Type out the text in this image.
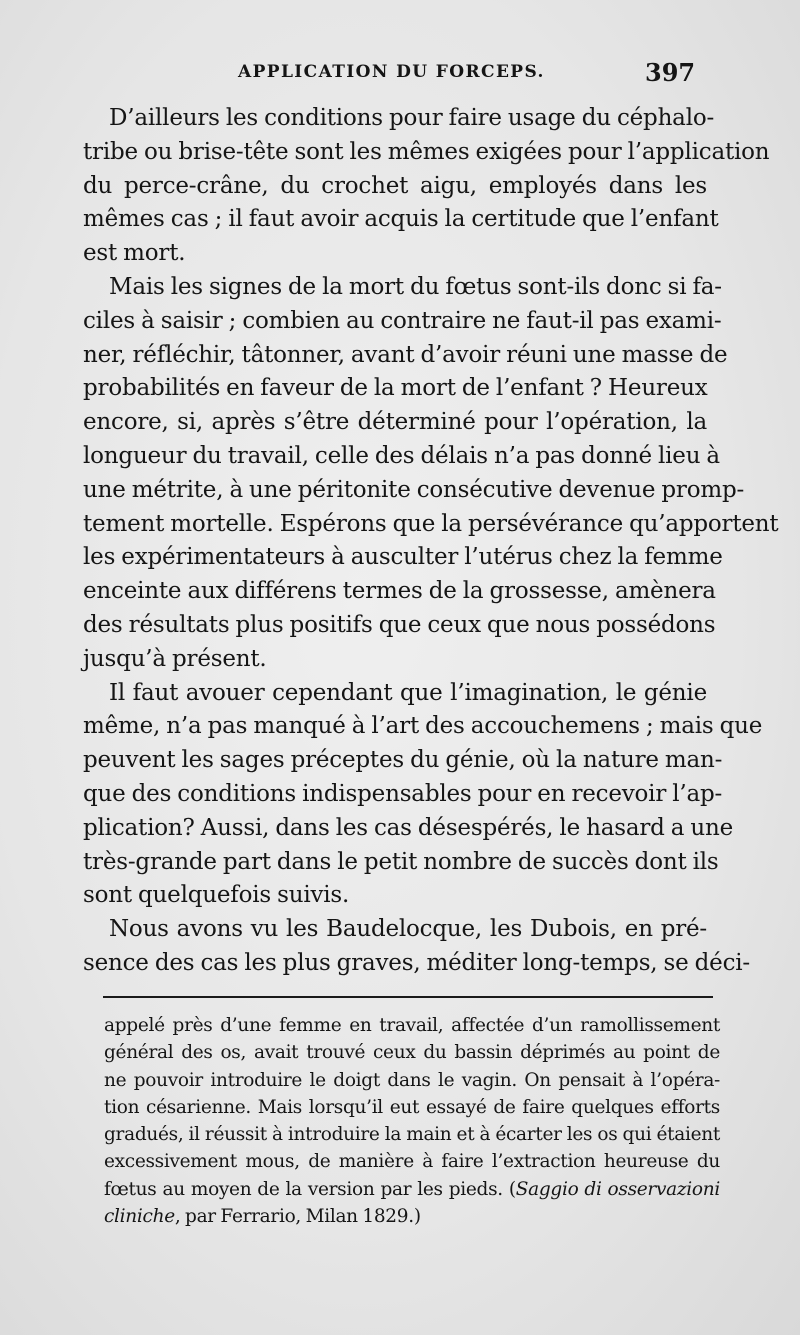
APPLICATION DU FORCEPS.	397
D’ailleurs les conditions pour faire usage du céphalo-
tribe ou brise-tête sont les mêmes exigées pour l’application
du perce-crâne, du crochet aigu, employés dans les
mêmes cas ; il faut avoir acquis la certitude que l’enfant
est mort.
Mais les signes de la mort du fœtus sont-ils donc si fa-
ciles à saisir ; combien au contraire ne faut-il pas exami-
ner, réfléchir, tâtonner, avant d’avoir réuni une masse de
probabilités en faveur de la mort de l’enfant ? Heureux
encore, si, après s’être déterminé pour l’opération, la
longueur du travail, celle des délais n’a pas donné lieu à
une métrite, à une péritonite consécutive devenue promp-
tement mortelle. Espérons que la persévérance qu’apportent
les expérimentateurs à ausculter l’utérus chez la femme
enceinte aux différens termes de la grossesse, amènera
des résultats plus positifs que ceux que nous possédons
jusqu’à présent.
Il faut avouer cependant que l’imagination, le génie
même, n’a pas manqué à l’art des accouchemens ; mais que
peuvent les sages préceptes du génie, où la nature man-
que des conditions indispensables pour en recevoir l’ap-
plication? Aussi, dans les cas désespérés, le hasard a une
très-grande part dans le petit nombre de succès dont ils
sont quelquefois suivis.
Nous avons vu les Baudelocque, les Dubois, en pré-
sence des cas les plus graves, méditer long-temps, se déci-
appelé près d’une femme en travail, affectée d’un ramollissement
général des os, avait trouvé ceux du bassin déprimés au point de
ne pouvoir introduire le doigt dans le vagin. On pensait à l’opéra-
tion césarienne. Mais lorsqu’il eut essayé de faire quelques efforts
gradués, il réussit à introduire la main et à écarter les os qui étaient
excessivement mous, de manière à faire l’extraction heureuse du
fœtus au moyen de la version par les pieds. (Saggio di osservazioni
cliniche, par Ferrario, Milan 1829.)
